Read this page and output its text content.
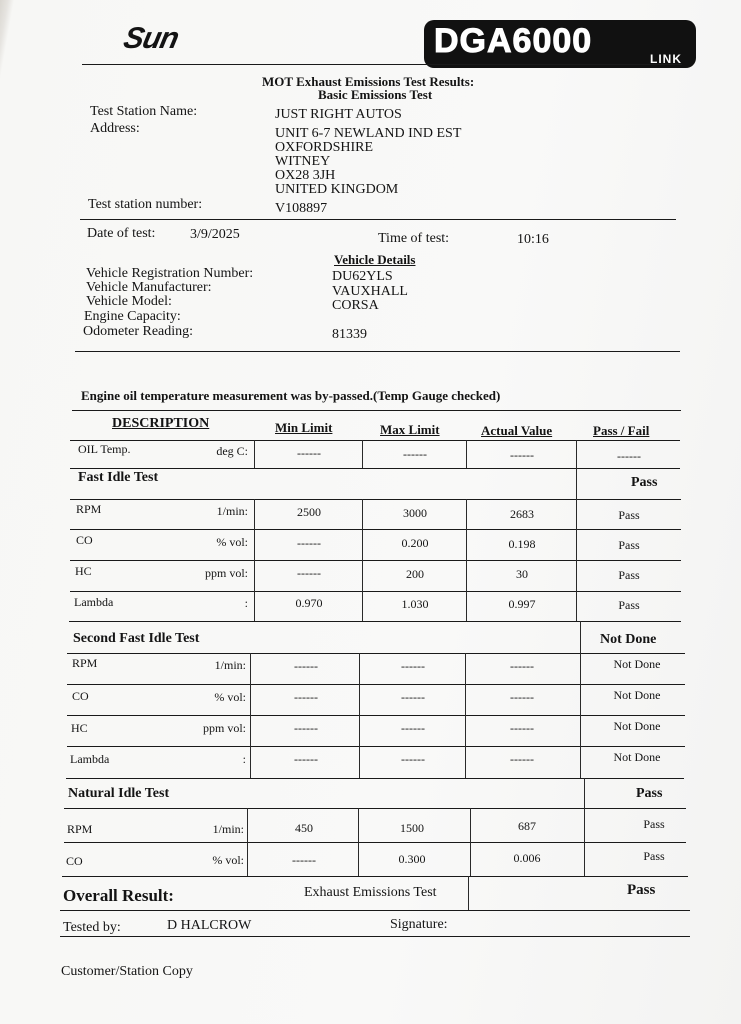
Sun	DGA6000	LINK
MOT Exhaust Emissions Test Results:
Basic Emissions Test
Test Station Name:	JUST RIGHT AUTOS
Address:	UNIT 6-7 NEWLAND IND EST
OXFORDSHIRE
WITNEY
OX28 3JH
UNITED KINGDOM
Test station number:	V108897
Date of test: 3/9/2025	Time of test:	10:16
Vehicle Details
Vehicle Registration Number:	DU62YLS
Vehicle Manufacturer:	VAUXHALL
Vehicle Model:	CORSA
Engine Capacity:
Odometer Reading:	81339
Engine oil temperature measurement was by-passed.(Temp Gauge checked)
DESCRIPTION	Min Limit	Max Limit	Actual Value	Pass / Fail
OIL Temp.	deg C:	------	------	------	------
Fast Idle Test	Pass
RPM	1/min:	2500	3000	2683	Pass
CO	% vol:	------	0.200	0.198	Pass
HC	ppm vol:	------	200	30	Pass
Lambda	:	0.970	1.030	0.997	Pass
Second Fast Idle Test	Not Done
RPM	1/min:	------	------	------	Not Done
CO	% vol:	------	------	------	Not Done
HC	ppm vol:	------	------	------	Not Done
Lambda	:	------	------	------	Not Done
Natural Idle Test	Pass
RPM	1/min:	450	1500	687	Pass
CO	% vol:	------	0.300	0.006	Pass
Overall Result:	Exhaust Emissions Test	Pass
Tested by:	D HALCROW	Signature:
Customer/Station Copy
